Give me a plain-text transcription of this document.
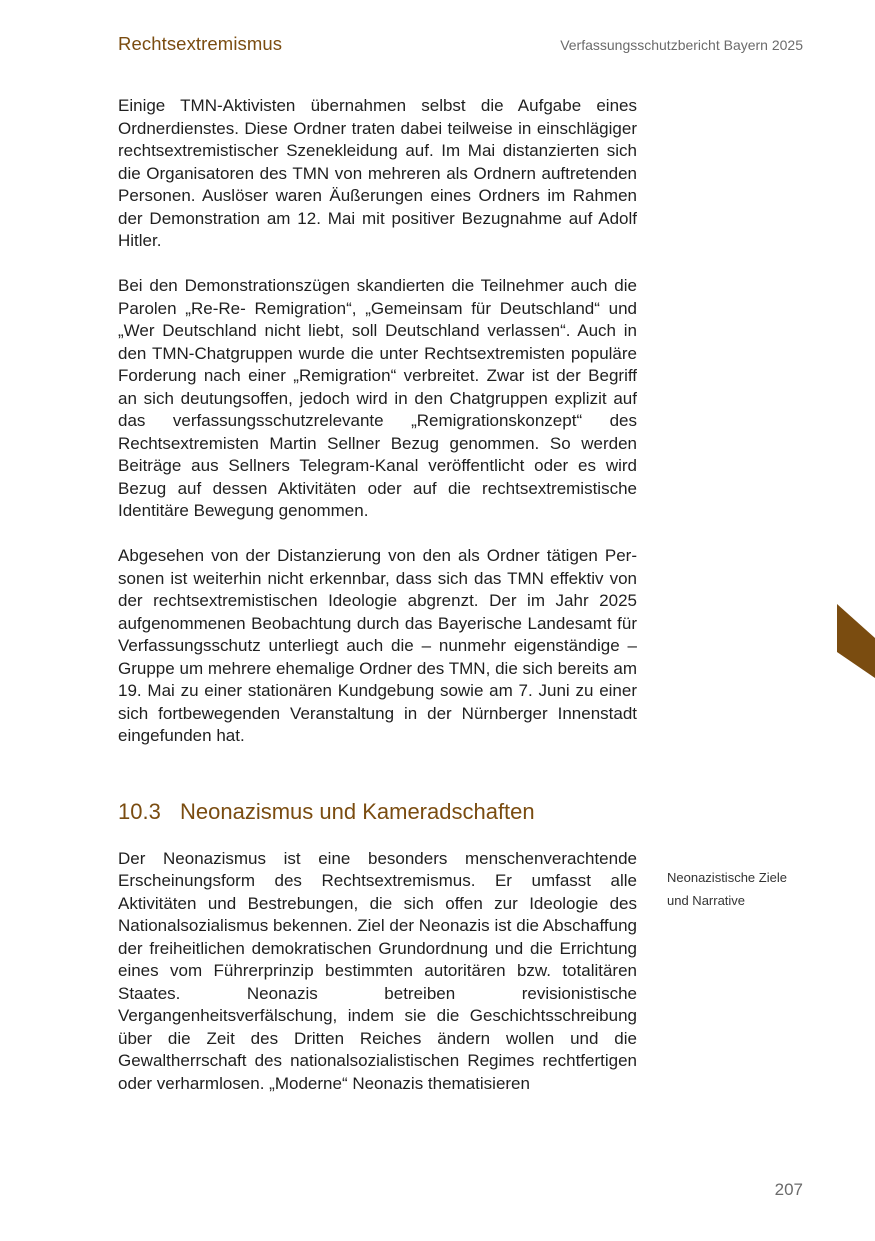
Rechtsextremismus	Verfassungsschutzbericht Bayern 2025

Einige TMN-Aktivisten übernahmen selbst die Aufgabe eines Ordnerdienstes. Diese Ordner traten dabei teilweise in einschlägiger rechtsextremistischer Szenekleidung auf. Im Mai distanzierten sich die Organisatoren des TMN von mehreren als Ordnern auftretenden Personen. Auslöser waren Äußerungen eines Ordners im Rahmen der Demonstration am 12. Mai mit positiver Bezugnahme auf Adolf Hitler.

Bei den Demonstrationszügen skandierten die Teilnehmer auch die Parolen „Re-Re- Remigration“, „Gemeinsam für Deutschland“ und „Wer Deutschland nicht liebt, soll Deutschland verlassen“. Auch in den TMN-Chatgruppen wurde die unter Rechtsextremisten populäre Forderung nach einer „Remigration“ verbreitet. Zwar ist der Begriff an sich deutungsoffen, jedoch wird in den Chatgruppen explizit auf das verfassungsschutzrelevante „Remigrationskonzept“ des Rechtsextremisten Martin Sellner Bezug genommen. So werden Beiträge aus Sellners Telegram-Kanal veröffentlicht oder es wird Bezug auf dessen Aktivitäten oder auf die rechtsextremistische Identitäre Bewegung genommen.

Abgesehen von der Distanzierung von den als Ordner tätigen Personen ist weiterhin nicht erkennbar, dass sich das TMN effektiv von der rechtsextremistischen Ideologie abgrenzt. Der im Jahr 2025 aufgenommenen Beobachtung durch das Bayerische Landesamt für Verfassungsschutz unterliegt auch die – nunmehr eigenständige – Gruppe um mehrere ehemalige Ordner des TMN, die sich bereits am 19. Mai zu einer stationären Kundgebung sowie am 7. Juni zu einer sich fortbewegenden Veranstaltung in der Nürnberger Innenstadt eingefunden hat.

10.3 Neonazismus und Kameradschaften

Der Neonazismus ist eine besonders menschenverachtende Erscheinungsform des Rechtsextremismus. Er umfasst alle Aktivitäten und Bestrebungen, die sich offen zur Ideologie des Nationalsozialismus bekennen. Ziel der Neonazis ist die Abschaffung der freiheitlichen demokratischen Grundordnung und die Errichtung eines vom Führerprinzip bestimmten autoritären bzw. totalitären Staates. Neonazis betreiben revisionistische Vergangenheitsverfälschung, indem sie die Geschichtsschreibung über die Zeit des Dritten Reiches ändern wollen und die Gewaltherrschaft des nationalsozialistischen Regimes rechtfertigen oder verharmlosen. „Moderne“ Neonazis thematisieren

Neonazistische Ziele
und Narrative
207
